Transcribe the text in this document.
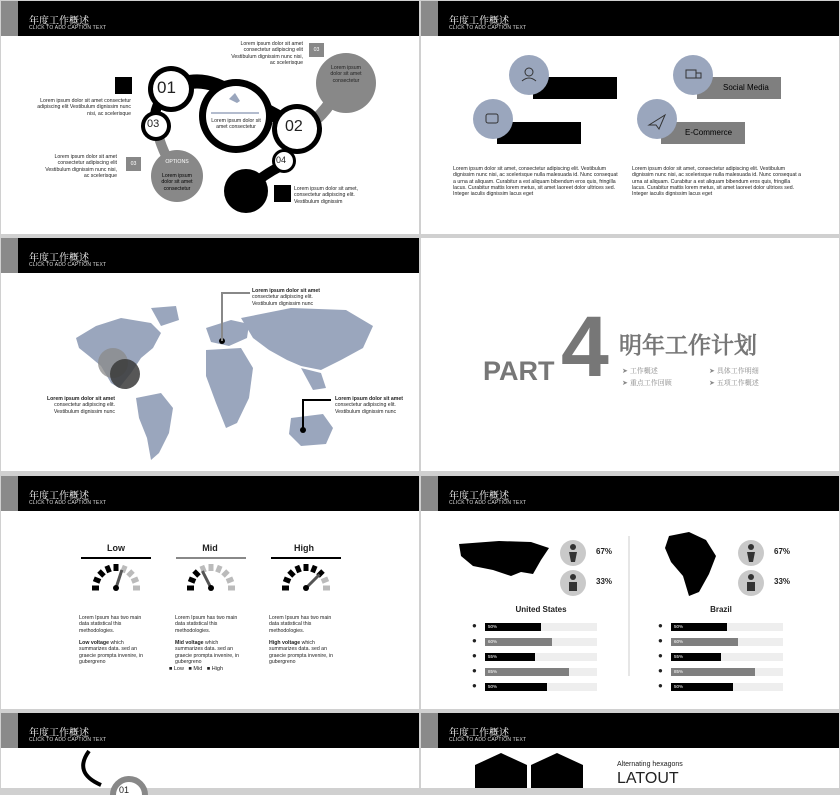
年度工作概述
CLICK TO ADD CAPTION TEXT
01
02
03
04
Lorem ipsum dolor sit amet consectetur
OPTIONS
Lorem ipsum dolor sit amet consectetur
Lorem ipsum dolor sit amet consectetur
03
03
Lorem ipsum dolor sit amet consectetur adipiscing elit Vestibulum dignissim nunc nisi, ac scelerisque
Lorem ipsum dolor sit amet consectetur adipiscing elit Vestibulum dignissim nunc nisi, ac scelerisque
Lorem ipsum dolor sit amet consectetur adipiscing elit Vestibulum dignissim nunc nisi, ac scelerisque
Lorem ipsum dolor sit amet, consectetur adipiscing elit. Vestibulum dignissim
年度工作概述
CLICK TO ADD CAPTION TEXT
Social Media
E-Commerce
Lorem ipsum dolor sit amet, consectetur adipiscing elit. Vestibulum dignissim nunc nisi, ac scelerisque nulla malesuada id. Nunc consequat a urna at aliquam. Curabitur a est aliquam bibendum eros quis, fringilla lacus. Curabitur mattis lorem metus, sit amet laoreet dolor ultrices sed. Integer iaculis dignissim lacus eget
Lorem ipsum dolor sit amet, consectetur adipiscing elit. Vestibulum dignissim nunc nisi, ac scelerisque nulla malesuada id. Nunc consequat a urna at aliquam. Curabitur a est aliquam bibendum eros quis, fringilla lacus. Curabitur mattis lorem metus, sit amet laoreet dolor ultrices sed. Integer iaculis dignissim lacus eget
年度工作概述
CLICK TO ADD CAPTION TEXT
Lorem ipsum dolor sit amet consectetur adipiscing elit. Vestibulum dignissim nunc
Lorem ipsum dolor sit amet consectetur adipiscing elit. Vestibulum dignissim nunc
Lorem ipsum dolor sit amet consectetur adipiscing elit. Vestibulum dignissim nunc
PART 4 明年工作计划
➤ 工作概述	➤ 具体工作明细
➤ 重点工作回顾	➤ 五项工作概述
年度工作概述
CLICK TO ADD CAPTION TEXT
Low	Mid	High
Lorem Ipsum has two main data statistical this methodologies.
Lorem Ipsum has two main data statistical this methodologies.
Lorem Ipsum has two main data statistical this methodologies.
Low voltage which summarizes data. sed an graecie prompta invenire, in gubergreno
Mid voltage which summarizes data. sed an graecie prompta invenire, in gubergreno
High voltage which summarizes data. sed an graecie prompta invenire, in gubergreno
■ Low ■ Mid ■ High
年度工作概述
CLICK TO ADD CAPTION TEXT
67%
33%
67%
33%
United States	Brazil
50%
●
60%
●
55%
●
85%
●
50%
●
50%
●
60%
●
55%
●
85%
●
50%
●
年度工作概述
CLICK TO ADD CAPTION TEXT
01
年度工作概述
CLICK TO ADD CAPTION TEXT
Alternating hexagons
LATOUT
